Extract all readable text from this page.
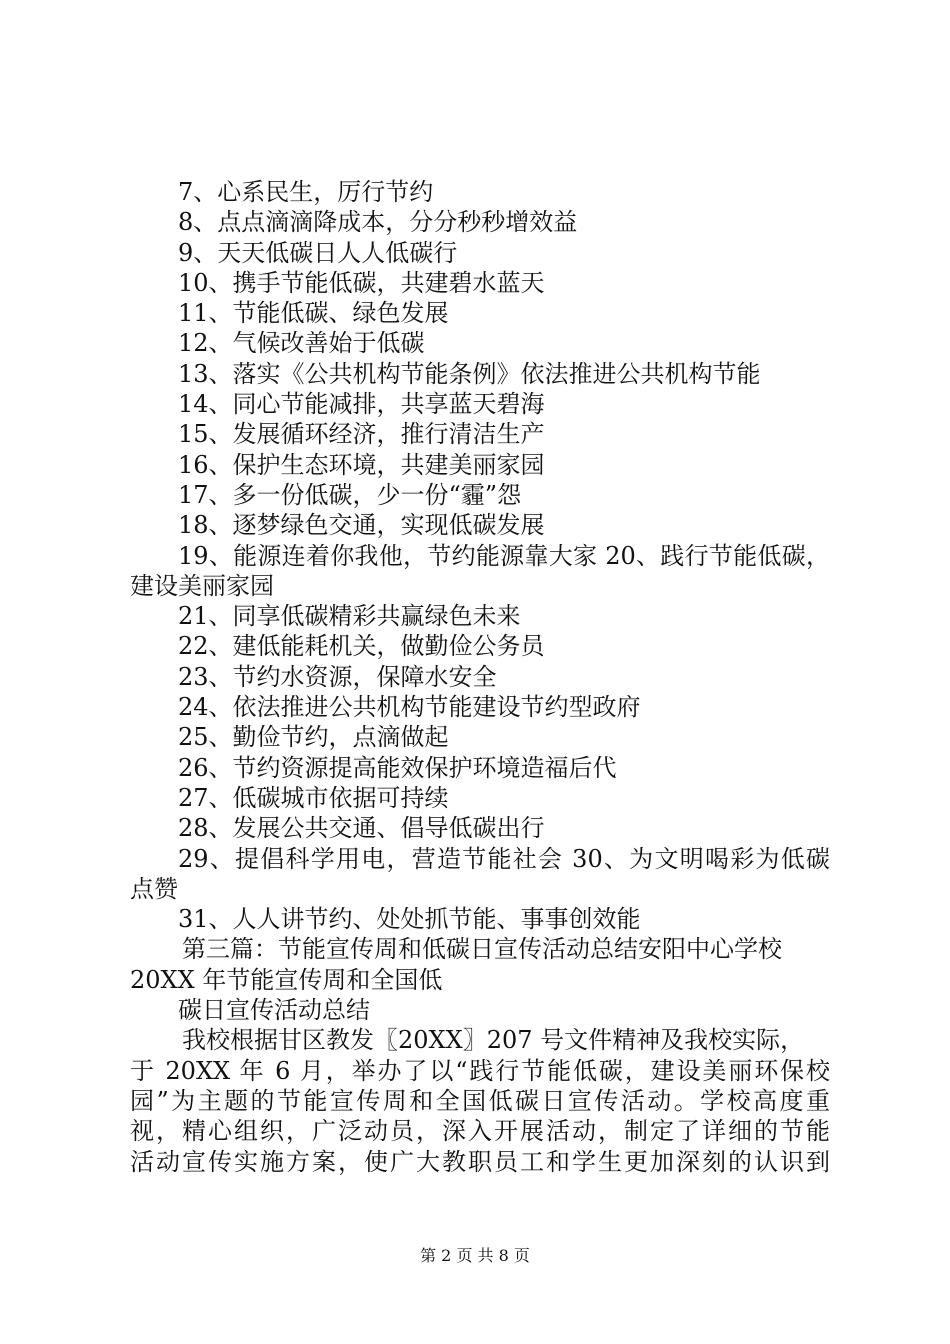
7、心系民生，厉行节约
8、点点滴滴降成本，分分秒秒增效益
9、天天低碳日人人低碳行
10、携手节能低碳，共建碧水蓝天
11、节能低碳、绿色发展
12、气候改善始于低碳
13、落实《公共机构节能条例》依法推进公共机构节能
14、同心节能减排，共享蓝天碧海
15、发展循环经济，推行清洁生产
16、保护生态环境，共建美丽家园
17、多一份低碳，少一份“霾”怨
18、逐梦绿色交通，实现低碳发展
19、能源连着你我他，节约能源靠大家 20、践行节能低碳，
建设美丽家园
21、同享低碳精彩共赢绿色未来
22、建低能耗机关，做勤俭公务员
23、节约水资源，保障水安全
24、依法推进公共机构节能建设节约型政府
25、勤俭节约，点滴做起
26、节约资源提高能效保护环境造福后代
27、低碳城市依据可持续
28、发展公共交通、倡导低碳出行
29、提倡科学用电，营造节能社会 30、为文明喝彩为低碳
点赞
31、人人讲节约、处处抓节能、事事创效能
第三篇：节能宣传周和低碳日宣传活动总结安阳中心学校
20XX 年节能宣传周和全国低
碳日宣传活动总结
我校根据甘区教发〖20XX〗207 号文件精神及我校实际，
于 20XX 年 6 月，举办了以“践行节能低碳，建设美丽环保校
园”为主题的节能宣传周和全国低碳日宣传活动。学校高度重
视，精心组织，广泛动员，深入开展活动，制定了详细的节能
活动宣传实施方案，使广大教职员工和学生更加深刻的认识到
第 2 页 共 8 页
